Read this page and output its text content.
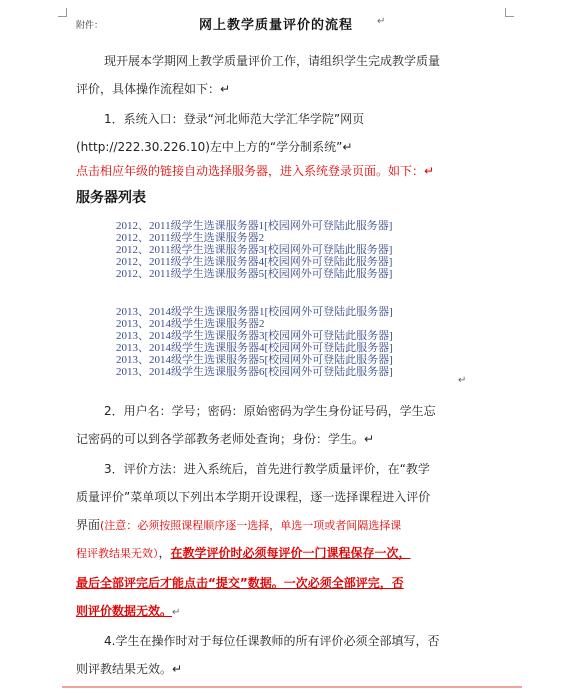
附件：	网上教学质量评价的流程 ↵
现开展本学期网上教学质量评价工作，请组织学生完成教学质量
评价，具体操作流程如下：↵
1．系统入口：登录“河北师范大学汇华学院”网页
(http://222.30.226.10)左中上方的“学分制系统”↵
点击相应年级的链接自动选择服务器，进入系统登录页面。如下：↵
服务器列表
2012、2011级学生选课服务器1[校园网外可登陆此服务器]
2012、2011级学生选课服务器2
2012、2011级学生选课服务器3[校园网外可登陆此服务器]
2012、2011级学生选课服务器4[校园网外可登陆此服务器]
2012、2011级学生选课服务器5[校园网外可登陆此服务器]
2013、2014级学生选课服务器1[校园网外可登陆此服务器]
2013、2014级学生选课服务器2
2013、2014级学生选课服务器3[校园网外可登陆此服务器]
2013、2014级学生选课服务器4[校园网外可登陆此服务器]
2013、2014级学生选课服务器5[校园网外可登陆此服务器]
2013、2014级学生选课服务器6[校园网外可登陆此服务器]
↵
2．用户名：学号；密码：原始密码为学生身份证号码，学生忘
记密码的可以到各学部教务老师处查询；身份：学生。↵
3．评价方法：进入系统后，首先进行教学质量评价，在“教学
质量评价”菜单项以下列出本学期开设课程，逐一选择课程进入评价
界面(注意：必须按照课程顺序逐一选择，单选一项或者间隔选择课
程评教结果无效），在教学评价时必须每评价一门课程保存一次，
最后全部评完后才能点击“提交”数据。一次必须全部评完，否
则评价数据无效。↵
4.学生在操作时对于每位任课教师的所有评价必须全部填写，否
则评教结果无效。↵
